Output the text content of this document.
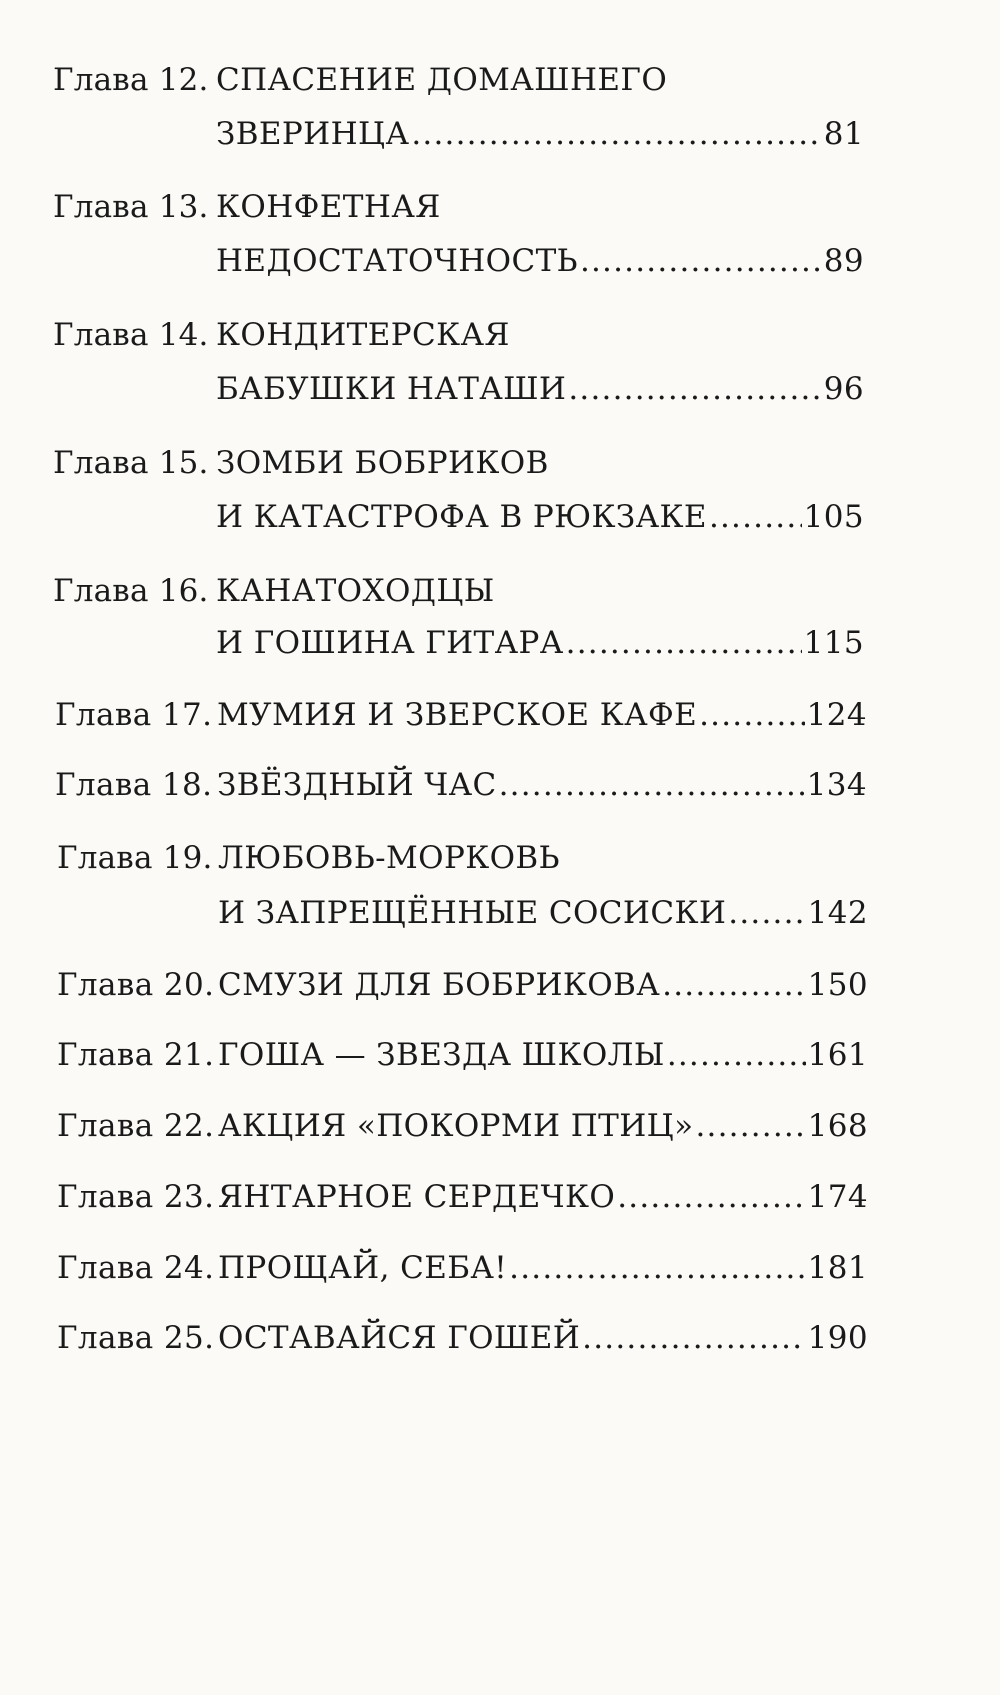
Глава 12. СПАСЕНИЕ ДОМАШНЕГО
ЗВЕРИНЦА .....	81
Глава 13. КОНФЕТНАЯ
НЕДОСТАТОЧНОСТЬ .....	89
Глава 14. КОНДИТЕРСКАЯ
БАБУШКИ НАТАШИ .....	96
Глава 15. ЗОМБИ БОБРИКОВ
И КАТАСТРОФА В РЮКЗАКЕ .....	105
Глава 16. КАНАТОХОДЦЫ
И ГОШИНА ГИТАРА .....	115
Глава 17. МУМИЯ И ЗВЕРСКОЕ КАФЕ .....	124
Глава 18. ЗВЁЗДНЫЙ ЧАС .....	134
Глава 19. ЛЮБОВЬ-МОРКОВЬ
И ЗАПРЕЩЁННЫЕ СОСИСКИ .....	142
Глава 20. СМУЗИ ДЛЯ БОБРИКОВА .....	150
Глава 21. ГОША — ЗВЕЗДА ШКОЛЫ .....	161
Глава 22. АКЦИЯ «ПОКОРМИ ПТИЦ» .....	168
Глава 23. ЯНТАРНОЕ СЕРДЕЧКО .....	174
Глава 24. ПРОЩАЙ, СЕБА! .....	181
Глава 25. ОСТАВАЙСЯ ГОШЕЙ .....	190
